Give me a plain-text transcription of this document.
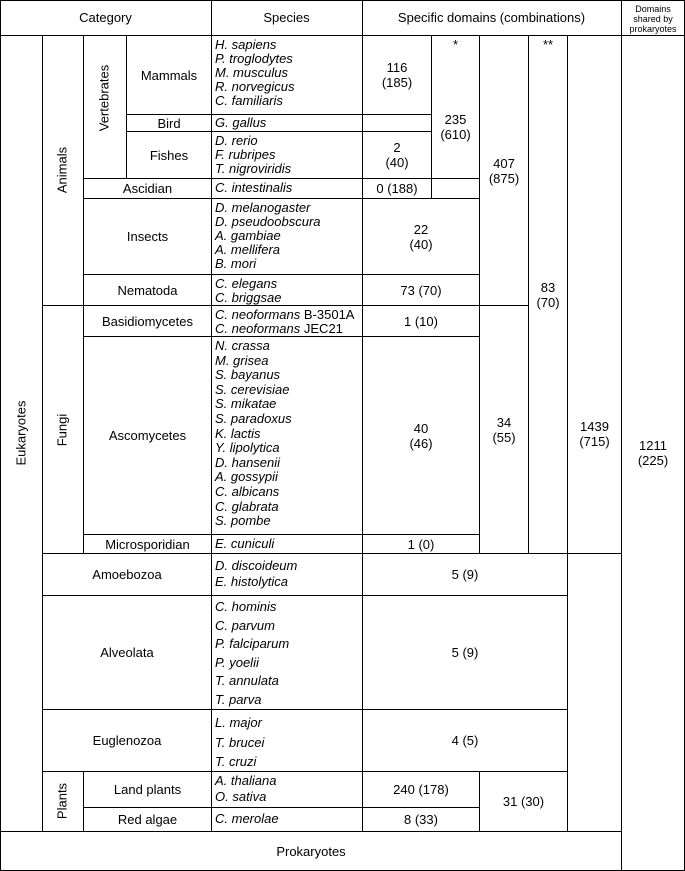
Category	Species	Specific domains (combinations)
Domains shared by prokaryotes
Eukaryotes
Animals
Vertebrates
Fungi
Plants
Mammals
Bird
Fishes
Ascidian
Insects
Nematoda
Basidiomycetes
Ascomycetes
Microsporidian
Amoebozoa
Alveolata
Euglenozoa
Land plants
Red algae
Prokaryotes
H. sapiens
P. troglodytes
M. musculus
R. norvegicus
C. familiaris
G. gallus
D. rerio
F. rubripes
T. nigroviridis
C. intestinalis
D. melanogaster
D. pseudoobscura
A. gambiae
A. mellifera
B. mori
C. elegans
C. briggsae
C. neoformans B-3501A
C. neoformans JEC21
N. crassa
M. grisea
S. bayanus
S. cerevisiae
S. mikatae
S. paradoxus
K. lactis
Y. lipolytica
D. hansenii
A. gossypii
C. albicans
C. glabrata
S. pombe
E. cuniculi
D. discoideum
E. histolytica
C. hominis
C. parvum
P. falciparum
P. yoelii
T. annulata
T. parva
L. major
T. brucei
T. cruzi
A. thaliana
O. sativa
C. merolae
116
(185)
2
(40)
0 (188)
22
(40)
73 (70)
1 (10)
40
(46)
1 (0)
5 (9)
5 (9)
4 (5)
240 (178)
8 (33)
*
235
(610)
407
(875)
34
(55)
**
83
(70)
1439
(715)
31 (30)
1211
(225)
